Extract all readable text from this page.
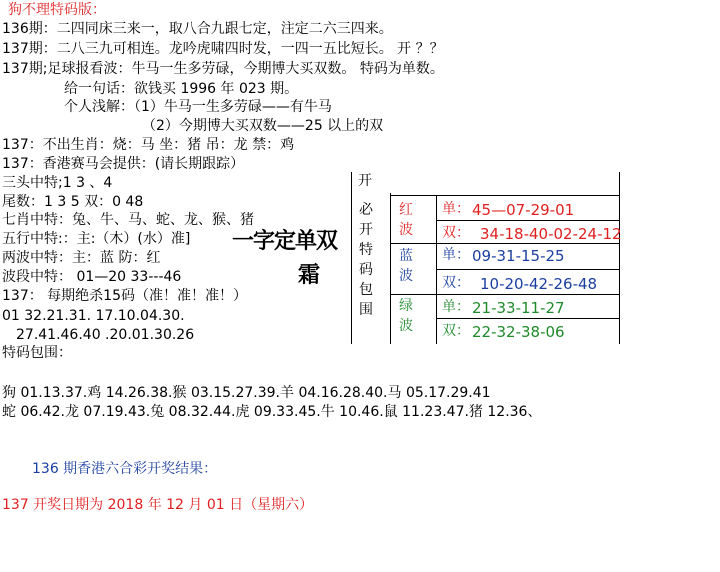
狗不理特码版：
136期：二四同床三来一，取八合九跟七定，注定二六三四来。
137期：二八三九可相连。龙吟虎啸四时发，一四一五比短长。 开 ？？
137期;足球报看波：牛马一生多劳碌，今期博大买双数。 特码为单数。
给一句话：欲钱买 1996 年 023 期。
个人浅解：（1）牛马一生多劳碌——有牛马
（2）今期博大买双数——25 以上的双
137：不出生肖：烧：马 坐：猪 吊：龙 禁：鸡
137：香港赛马会提供：(请长期跟踪）
三头中特;1 3 、4
尾数：1 3 5 双：0 48
七肖中特：兔、牛、马、蛇、龙、猴、猪
五行中特:：主:（木）(水）准]
两波中特：主：蓝 防：红
波段中特： 01—20 33---46
137： 每期绝杀15码（准！准！准！）
01 32.21.31. 17.10.04.30.
27.41.46.40 .20.01.30.26
特码包围：
一字定单双
霜
开
必开特码包围
红波
蓝波
绿波
单： 45—07-29-01
双： 34-18-40-02-24-12
单： 09-31-15-25
双： 10-20-42-26-48
单： 21-33-11-27
双： 22-32-38-06
狗 01.13.37.鸡 14.26.38.猴 03.15.27.39.羊 04.16.28.40.马 05.17.29.41
蛇 06.42.龙 07.19.43.兔 08.32.44.虎 09.33.45.牛 10.46.鼠 11.23.47.猪 12.36、
136 期香港六合彩开奖结果：
137 开奖日期为 2018 年 12 月 01 日（星期六）
